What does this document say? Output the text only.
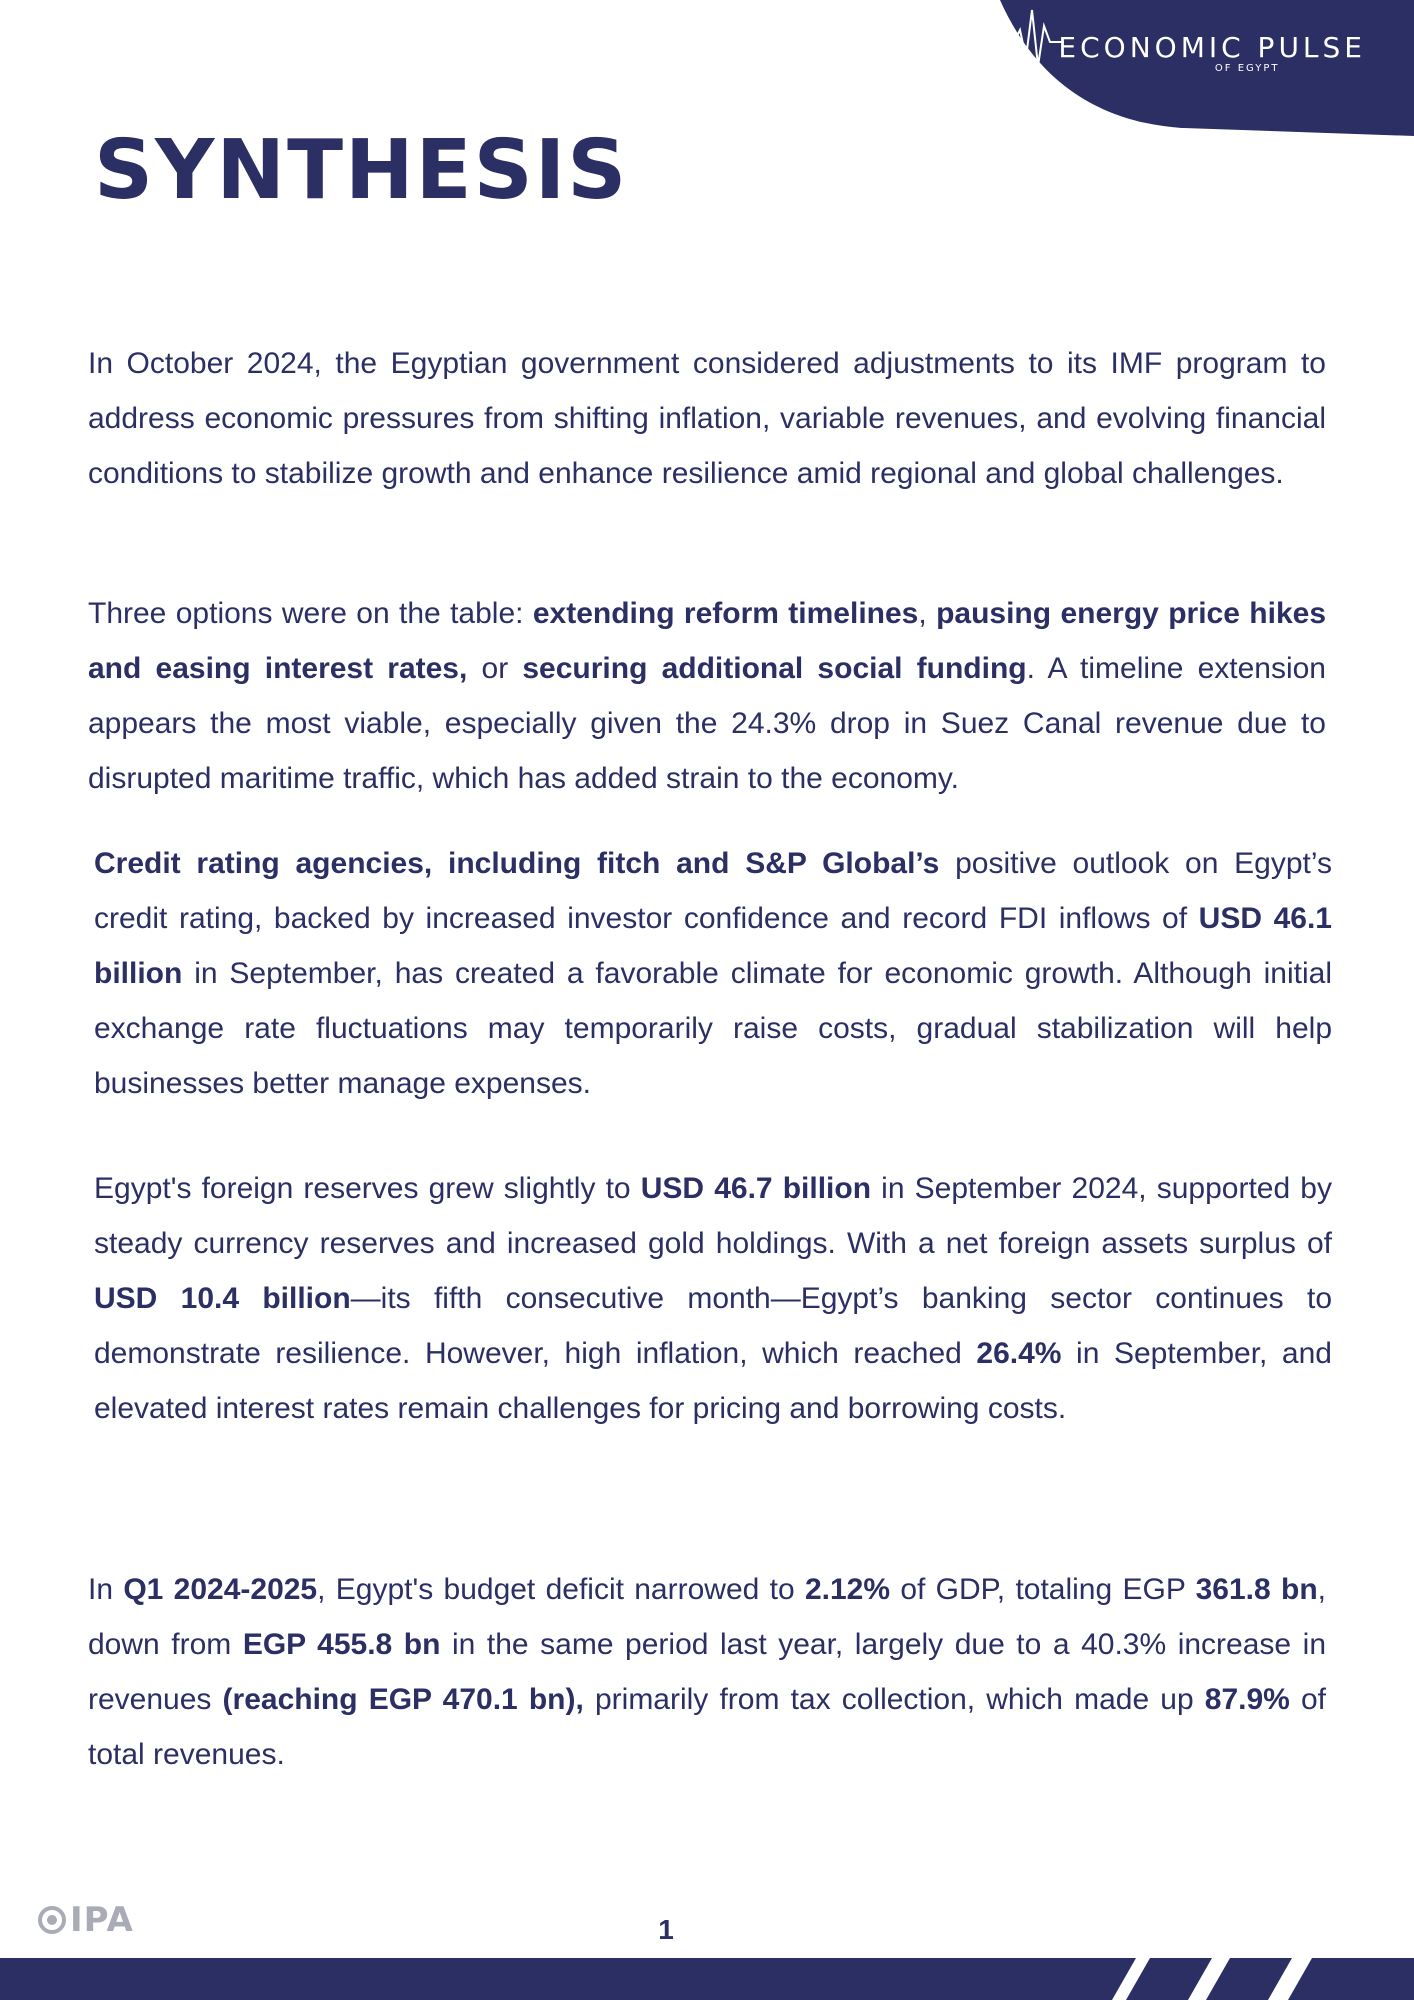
ECONOMIC PULSE
OF EGYPT
SYNTHESIS

In October 2024, the Egyptian government considered adjustments to its IMF program to address economic pressures from shifting inflation, variable revenues, and evolving financial conditions to stabilize growth and enhance resilience amid regional and global challenges.

Three options were on the table: extending reform timelines, pausing energy price hikes and easing interest rates, or securing additional social funding. A timeline extension appears the most viable, especially given the 24.3% drop in Suez Canal revenue due to disrupted maritime traffic, which has added strain to the economy.

Credit rating agencies, including fitch and S&P Global’s positive outlook on Egypt’s credit rating, backed by increased investor confidence and record FDI inflows of USD 46.1 billion in September, has created a favorable climate for economic growth. Although initial exchange rate fluctuations may temporarily raise costs, gradual stabilization will help businesses better manage expenses.

Egypt's foreign reserves grew slightly to USD 46.7 billion in September 2024, supported by steady currency reserves and increased gold holdings. With a net foreign assets surplus of USD 10.4 billion—its fifth consecutive month—Egypt’s banking sector continues to demonstrate resilience. However, high inflation, which reached 26.4% in September, and elevated interest rates remain challenges for pricing and borrowing costs.

In Q1 2024-2025, Egypt's budget deficit narrowed to 2.12% of GDP, totaling EGP 361.8 bn, down from EGP 455.8 bn in the same period last year, largely due to a 40.3% increase in revenues (reaching EGP 470.1 bn), primarily from tax collection, which made up 87.9% of total revenues.

IPA	1
